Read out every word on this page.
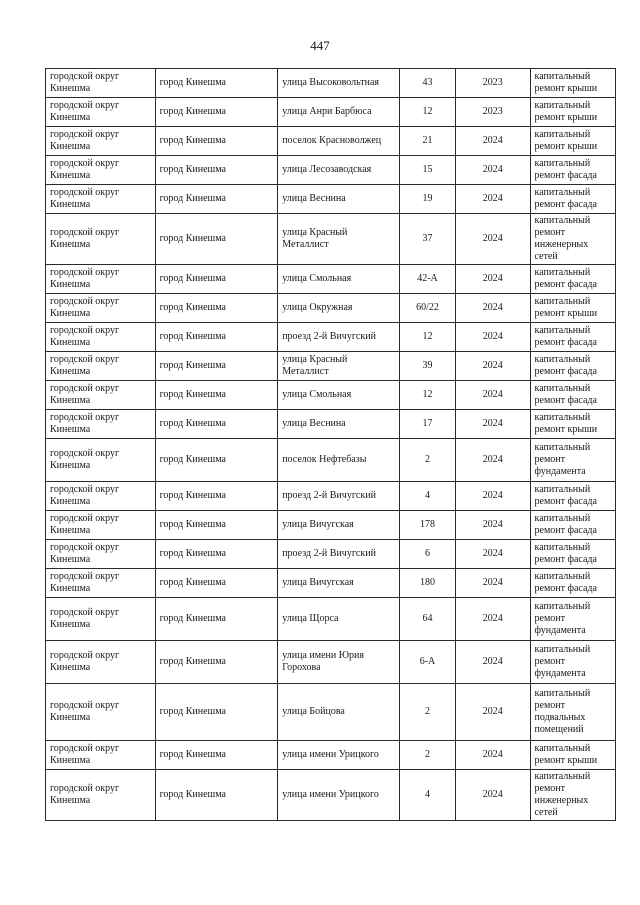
447
городской округ Кинешма	город Кинешма	улица Высоковольтная	43	2023	капитальный ремонт крыши
городской округ Кинешма	город Кинешма	улица Анри Барбюса	12	2023	капитальный ремонт крыши
городской округ Кинешма	город Кинешма	поселок Красноволжец	21	2024	капитальный ремонт крыши
городской округ Кинешма	город Кинешма	улица Лесозаводская	15	2024	капитальный ремонт фасада
городской округ Кинешма	город Кинешма	улица Веснина	19	2024	капитальный ремонт фасада
городской округ Кинешма	город Кинешма	улица Красный Металлист	37	2024	капитальный ремонт инженерных сетей
городской округ Кинешма	город Кинешма	улица Смольная	42-А	2024	капитальный ремонт фасада
городской округ Кинешма	город Кинешма	улица Окружная	60/22	2024	капитальный ремонт крыши
городской округ Кинешма	город Кинешма	проезд 2-й Вичугский	12	2024	капитальный ремонт фасада
городской округ Кинешма	город Кинешма	улица Красный Металлист	39	2024	капитальный ремонт фасада
городской округ Кинешма	город Кинешма	улица Смольная	12	2024	капитальный ремонт фасада
городской округ Кинешма	город Кинешма	улица Веснина	17	2024	капитальный ремонт крыши
городской округ Кинешма	город Кинешма	поселок Нефтебазы	2	2024	капитальный ремонт фундамента
городской округ Кинешма	город Кинешма	проезд 2-й Вичугский	4	2024	капитальный ремонт фасада
городской округ Кинешма	город Кинешма	улица Вичугская	178	2024	капитальный ремонт фасада
городской округ Кинешма	город Кинешма	проезд 2-й Вичугский	6	2024	капитальный ремонт фасада
городской округ Кинешма	город Кинешма	улица Вичугская	180	2024	капитальный ремонт фасада
городской округ Кинешма	город Кинешма	улица Щорса	64	2024	капитальный ремонт фундамента
городской округ Кинешма	город Кинешма	улица имени Юрия Горохова	6-А	2024	капитальный ремонт фундамента
городской округ Кинешма	город Кинешма	улица Бойцова	2	2024	капитальный ремонт подвальных помещений
городской округ Кинешма	город Кинешма	улица имени Урицкого	2	2024	капитальный ремонт крыши
городской округ Кинешма	город Кинешма	улица имени Урицкого	4	2024	капитальный ремонт инженерных сетей
